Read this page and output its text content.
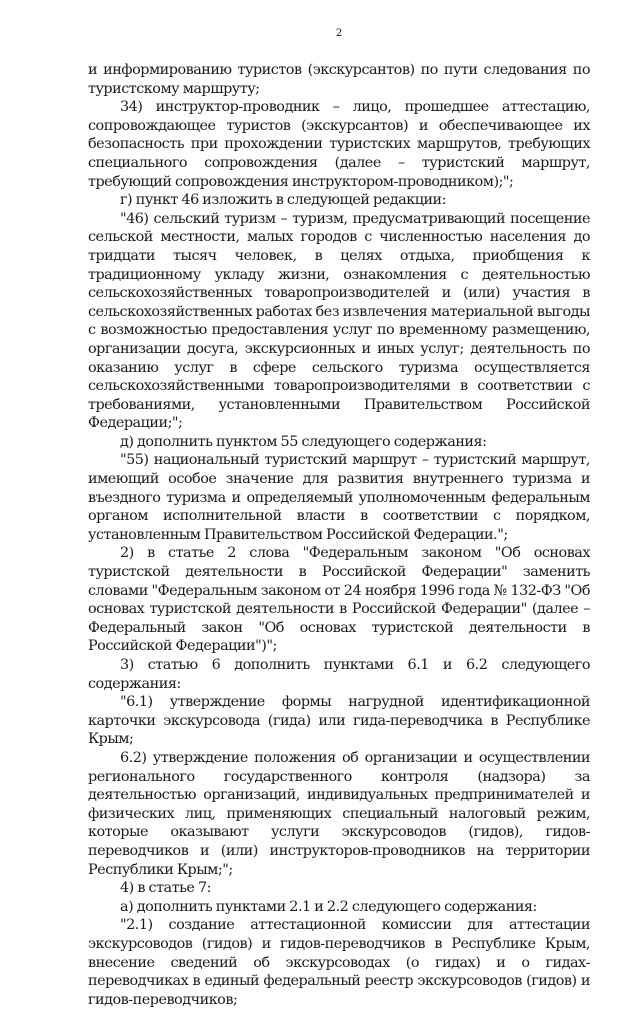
2

и информированию туристов (экскурсантов) по пути следования по туристскому маршруту;

34) инструктор-проводник – лицо, прошедшее аттестацию, сопровождающее туристов (экскурсантов) и обеспечивающее их безопасность при прохождении туристских маршрутов, требующих специального сопровождения (далее – туристский маршрут, требующий сопровождения инструктором-проводником);";

г) пункт 46 изложить в следующей редакции:

"46) сельский туризм – туризм, предусматривающий посещение сельской местности, малых городов с численностью населения до тридцати тысяч человек, в целях отдыха, приобщения к традиционному укладу жизни, ознакомления с деятельностью сельскохозяйственных товаропроизводителей и (или) участия в сельскохозяйственных работах без извлечения материальной выгоды с возможностью предоставления услуг по временному размещению, организации досуга, экскурсионных и иных услуг; деятельность по оказанию услуг в сфере сельского туризма осуществляется сельскохозяйственными товаропроизводителями в соответствии с требованиями, установленными Правительством Российской Федерации;";

д) дополнить пунктом 55 следующего содержания:

"55) национальный туристский маршрут – туристский маршрут, имеющий особое значение для развития внутреннего туризма и въездного туризма и определяемый уполномоченным федеральным органом исполнительной власти в соответствии с порядком, установленным Правительством Российской Федерации.";

2) в статье 2 слова "Федеральным законом "Об основах туристской деятельности в Российской Федерации" заменить словами "Федеральным законом от 24 ноября 1996 года № 132-ФЗ "Об основах туристской деятельности в Российской Федерации" (далее – Федеральный закон "Об основах туристской деятельности в Российской Федерации")";

3) статью 6 дополнить пунктами 6.1 и 6.2 следующего содержания:

"6.1) утверждение формы нагрудной идентификационной карточки экскурсовода (гида) или гида-переводчика в Республике Крым;

6.2) утверждение положения об организации и осуществлении регионального государственного контроля (надзора) за деятельностью организаций, индивидуальных предпринимателей и физических лиц, применяющих специальный налоговый режим, которые оказывают услуги экскурсоводов (гидов), гидов-переводчиков и (или) инструкторов-проводников на территории Республики Крым;";

4) в статье 7:

а) дополнить пунктами 2.1 и 2.2 следующего содержания:

"2.1) создание аттестационной комиссии для аттестации экскурсоводов (гидов) и гидов-переводчиков в Республике Крым, внесение сведений об экскурсоводах (о гидах) и о гидах-переводчиках в единый федеральный реестр экскурсоводов (гидов) и гидов-переводчиков;
